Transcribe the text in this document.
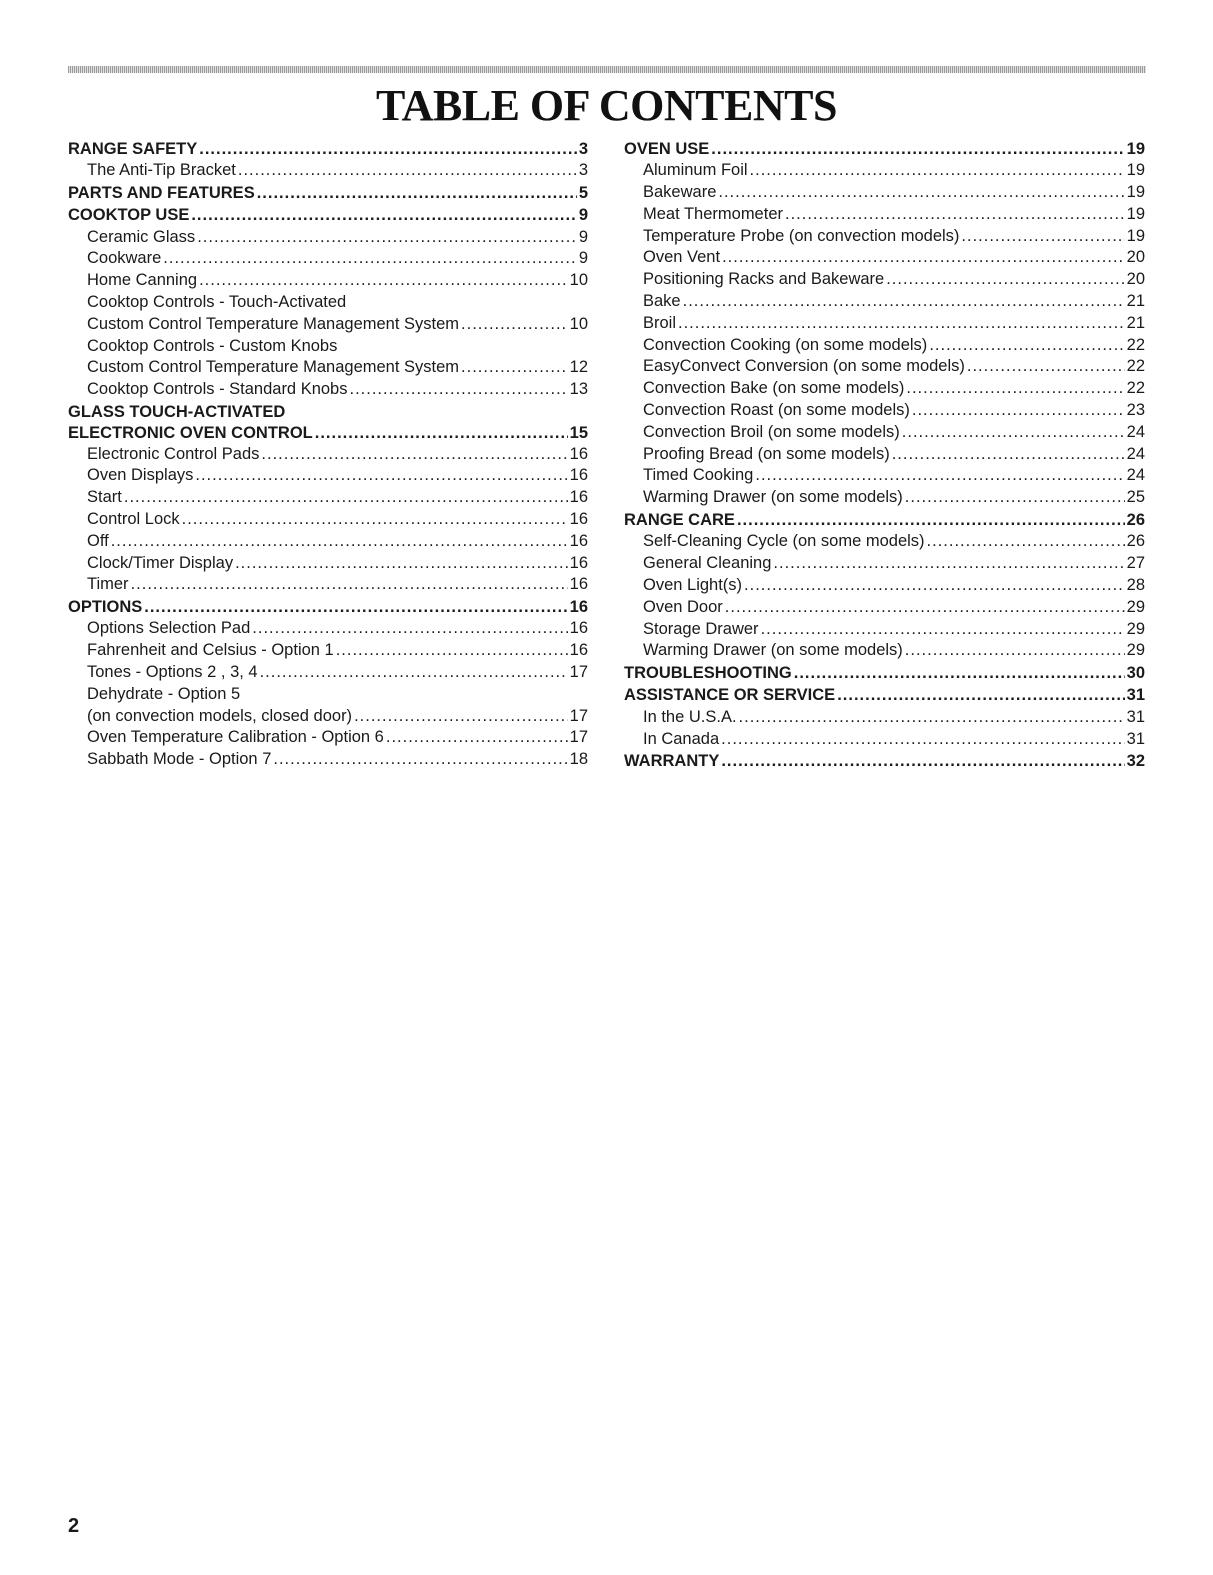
TABLE OF CONTENTS
RANGE SAFETY .....	3
The Anti-Tip Bracket .....	3
PARTS AND FEATURES .....	5
COOKTOP USE .....	9
Ceramic Glass .....	9
Cookware .....	9
Home Canning .....	10
Cooktop Controls - Touch-Activated
Custom Control Temperature Management System .....	10
Cooktop Controls - Custom Knobs
Custom Control Temperature Management System .....	12
Cooktop Controls - Standard Knobs .....	13
GLASS TOUCH-ACTIVATED
ELECTRONIC OVEN CONTROL .....	15
Electronic Control Pads .....	16
Oven Displays .....	16
Start .....	16
Control Lock .....	16
Off .....	16
Clock/Timer Display .....	16
Timer .....	16
OPTIONS .....	16
Options Selection Pad .....	16
Fahrenheit and Celsius - Option 1 .....	16
Tones - Options 2 , 3, 4 .....	17
Dehydrate - Option 5
(on convection models, closed door) .....	17
Oven Temperature Calibration - Option 6 .....	17
Sabbath Mode - Option 7 .....	18
OVEN USE .....	19
Aluminum Foil .....	19
Bakeware .....	19
Meat Thermometer .....	19
Temperature Probe (on convection models) .....	19
Oven Vent .....	20
Positioning Racks and Bakeware .....	20
Bake .....	21
Broil .....	21
Convection Cooking (on some models) .....	22
EasyConvect Conversion (on some models) .....	22
Convection Bake (on some models) .....	22
Convection Roast (on some models) .....	23
Convection Broil (on some models) .....	24
Proofing Bread (on some models) .....	24
Timed Cooking .....	24
Warming Drawer (on some models) .....	25
RANGE CARE .....	26
Self-Cleaning Cycle (on some models) .....	26
General Cleaning .....	27
Oven Light(s) .....	28
Oven Door .....	29
Storage Drawer .....	29
Warming Drawer (on some models) .....	29
TROUBLESHOOTING .....	30
ASSISTANCE OR SERVICE .....	31
In the U.S.A. .....	31
In Canada .....	31
WARRANTY .....	32
2
